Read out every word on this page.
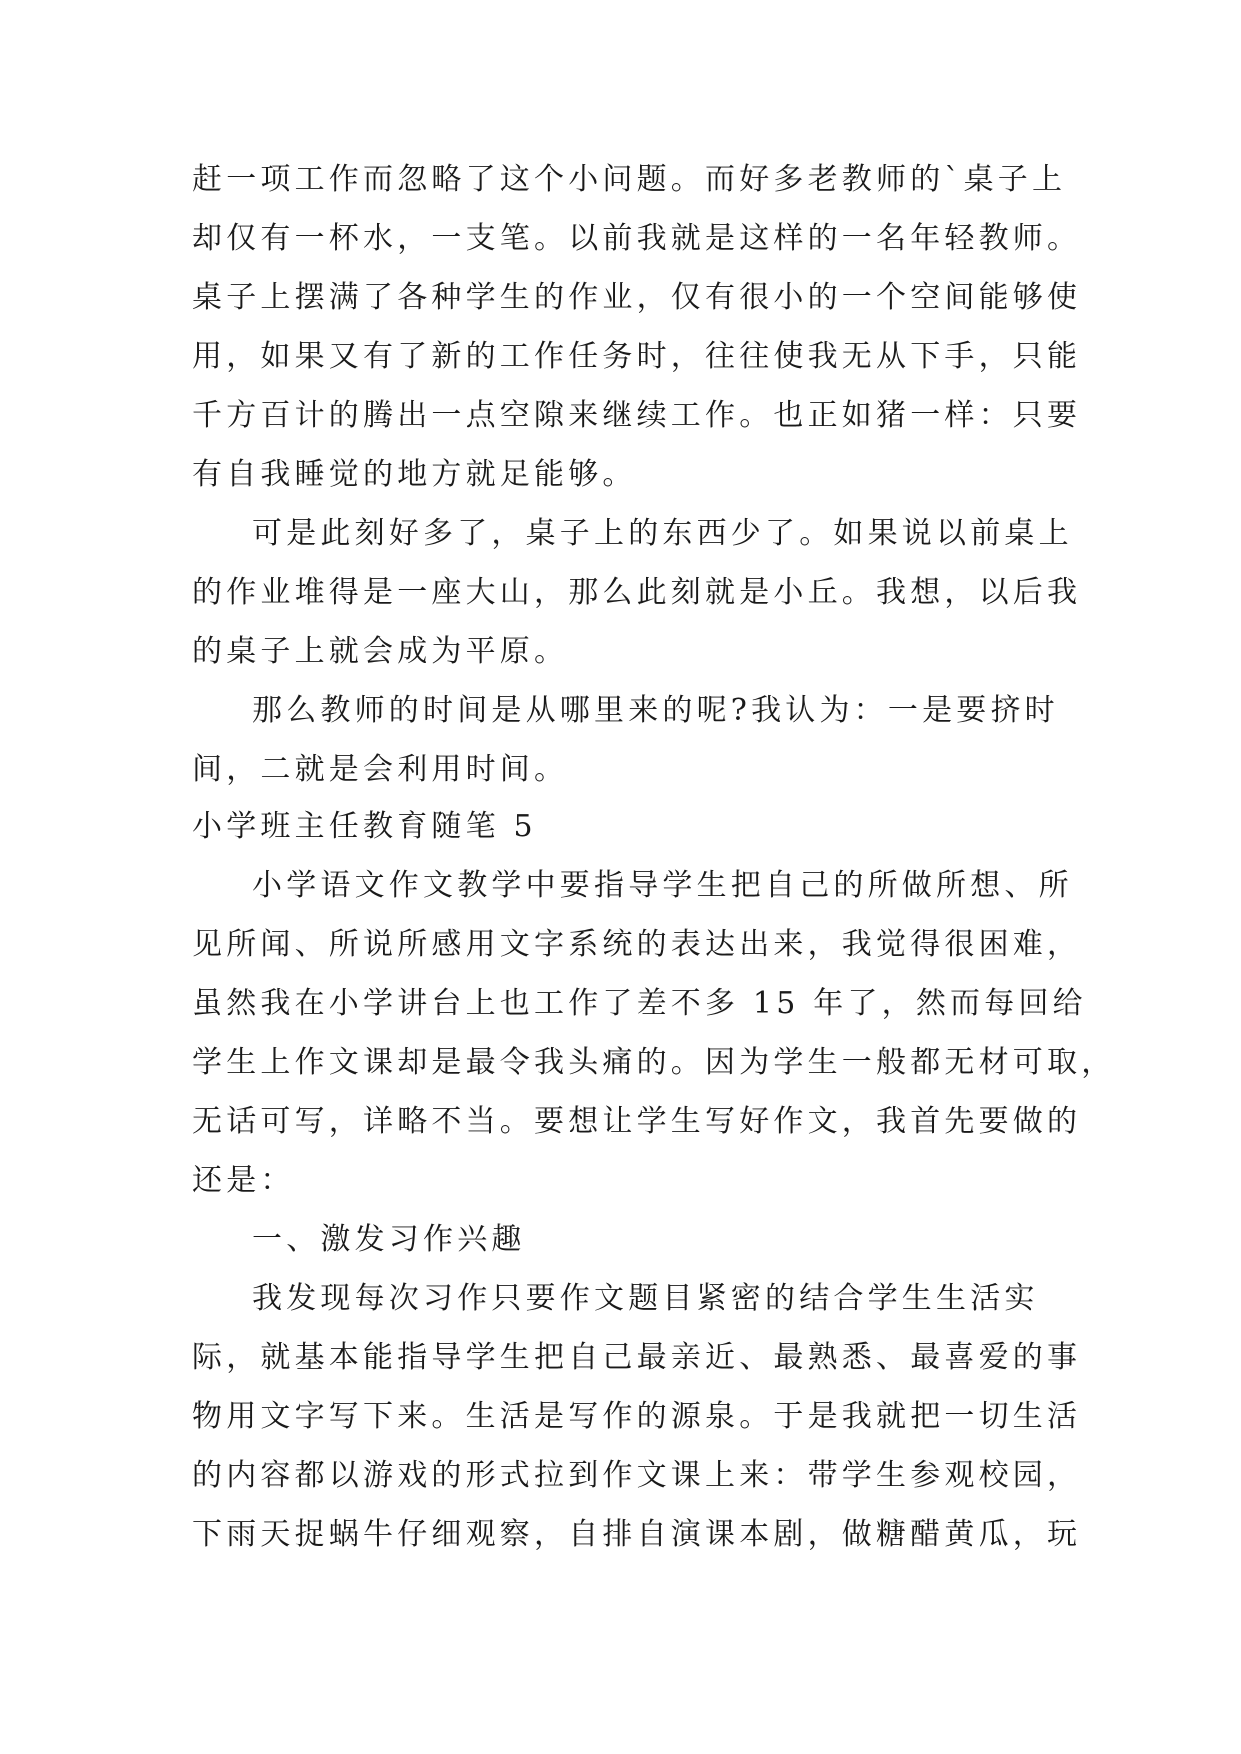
赶一项工作而忽略了这个小问题。而好多老教师的`桌子上
却仅有一杯水，一支笔。以前我就是这样的一名年轻教师。
桌子上摆满了各种学生的作业，仅有很小的一个空间能够使
用，如果又有了新的工作任务时，往往使我无从下手，只能
千方百计的腾出一点空隙来继续工作。也正如猪一样：只要
有自我睡觉的地方就足能够。
可是此刻好多了，桌子上的东西少了。如果说以前桌上
的作业堆得是一座大山，那么此刻就是小丘。我想，以后我
的桌子上就会成为平原。
那么教师的时间是从哪里来的呢?我认为：一是要挤时
间，二就是会利用时间。
小学班主任教育随笔 5
小学语文作文教学中要指导学生把自己的所做所想、所
见所闻、所说所感用文字系统的表达出来，我觉得很困难，
虽然我在小学讲台上也工作了差不多 15 年了，然而每回给
学生上作文课却是最令我头痛的。因为学生一般都无材可取，
无话可写，详略不当。要想让学生写好作文，我首先要做的
还是：
一、激发习作兴趣
我发现每次习作只要作文题目紧密的结合学生生活实
际，就基本能指导学生把自己最亲近、最熟悉、最喜爱的事
物用文字写下来。生活是写作的源泉。于是我就把一切生活
的内容都以游戏的形式拉到作文课上来：带学生参观校园，
下雨天捉蜗牛仔细观察，自排自演课本剧，做糖醋黄瓜，玩
